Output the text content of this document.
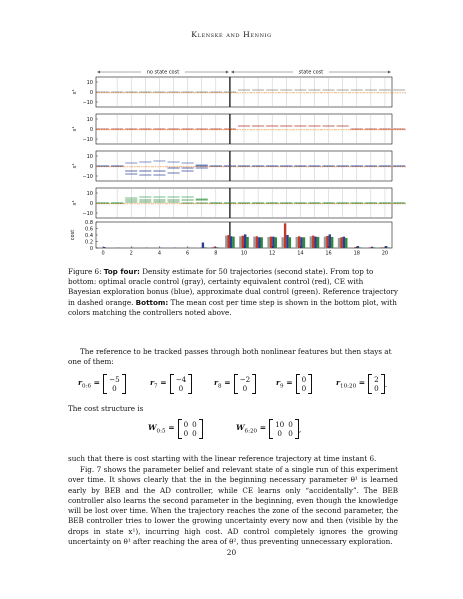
Klenske and Hennig
no state cost	state cost
10
0
−10
x¹
10
0
−10
x¹
10
0
−10
x¹
10
0
−10
x¹
0.8
0.6
0.4
0.2
0
cost
0	2	4	6	8	10	12	14	16	18	20
Figure 6: Top four: Density estimate for 50 trajectories (second state). From top to bottom: optimal oracle control (gray), certainty equivalent control (red), CE with Bayesian exploration bonus (blue), approximate dual control (green). Reference trajectory in dashed orange. Bottom: The mean cost per time step is shown in the bottom plot, with colors matching the controllers noted above.
The reference to be tracked passes through both nonlinear features but then stays at one of them:
$r_{0:6} = -5$
0
$r_7 = -4$
0
$r_8 = -2$
0
$r_9 = 0$
0
$r_{10:20} = 2$
0 .
The cost structure is
$W_{0:5} = 0$	0
0	0
$W_{6:20} = 10$	0
0	0 ,
such that there is cost starting with the linear reference trajectory at time instant 6.
Fig. 7 shows the parameter belief and relevant state of a single run of this experiment over time. It shows clearly that the in the beginning necessary parameter θ¹ is learned early by BEB and the AD controller, while CE learns only “accidentally”. The BEB controller also learns the second parameter in the beginning, even though the knowledge will be lost over time. When the trajectory reaches the zone of the second parameter, the BEB controller tries to lower the growing uncertainty every now and then (visible by the drops in state x¹), incurring high cost. AD control completely ignores the growing uncertainty on θ¹ after reaching the area of θ², thus preventing unnecessary exploration.
20
